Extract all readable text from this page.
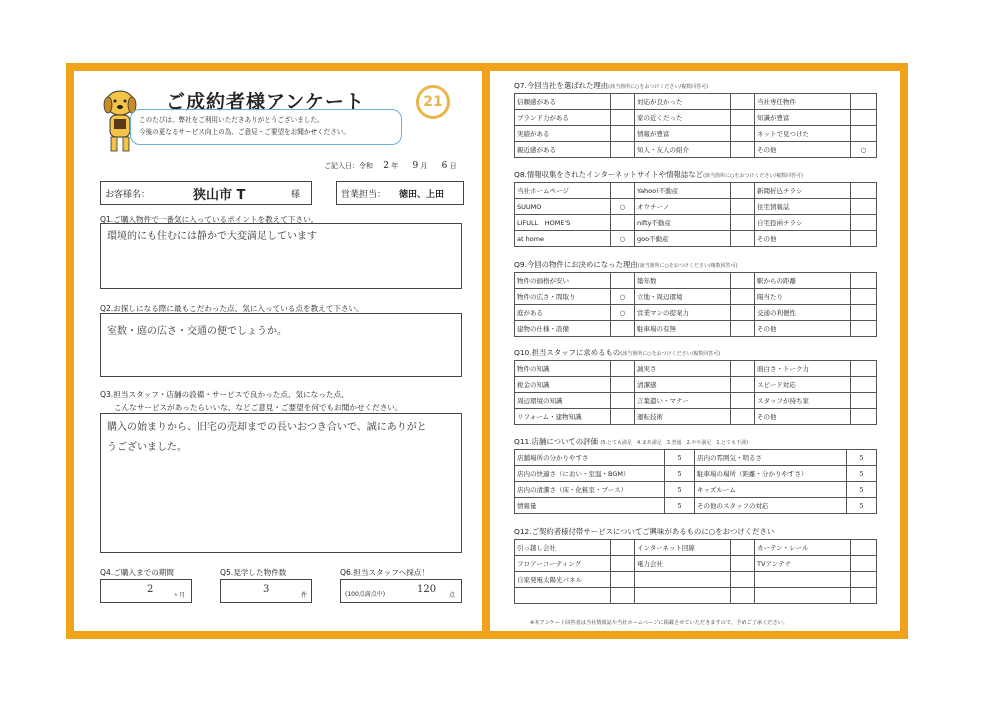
ご成約者様アンケート
このたびは、弊社をご利用いただきありがとうございました。
今後の更なるサービス向上の為、ご意見・ご要望をお聞かせください。
21
ご記入日：令和 2 年 9 月 6 日
お客様名：	狭山市 T	様	営業担当： 徳田、上田
Q1.ご購入物件で一番気に入っているポイントを教えて下さい。
環境的にも住むには静かで大変満足しています
Q2.お探しになる際に最もこだわった点、気に入っている点を教えて下さい。
室数・庭の広さ・交通の便でしょうか。
Q3.担当スタッフ・店舗の設備・サービスで良かった点、気になった点、
こんなサービスがあったらいいな、などご意見・ご要望を何でもお聞かせください。
購入の始まりから、旧宅の売却までの長いおつき合いで、誠にありがとうございました。
Q4.ご購入までの期間
2
ヶ月
Q5.見学した物件数
3
件
Q6.担当スタッフへ採点！
(100点満点中)	120
点
Q7.今回当社を選ばれた理由(該当箇所に○をおつけください/複数回答可)
信頼感がある		対応が良かった		当社専任物件	
ブランド力がある		家の近くだった		知識が豊富	
実績がある		情報が豊富		ネットで見つけた	
親近感がある		知人・友人の紹介		その他	○
Q8.情報収集をされたインターネットサイトや情報誌など(該当箇所に○をおつけください/複数回答可)
当社ホームページ		Yahoo!不動産		新聞折込チラシ	
SUUMO	○	オウチーノ		住宅情報誌	
LIFULL　HOME'S		nifty不動産		自宅投函チラシ	
at home	○	goo不動産		その他	
Q9.今回の物件にお決めになった理由(該当箇所に○をおつけください/複数回答可)
物件の価格が安い		築年数		駅からの距離	
物件の広さ・間取り	○	立地・周辺環境		陽当たり	
庭がある	○	営業マンの提案力		交通の利便性	
建物の仕様・設備		駐車場の有無		その他	
Q10.担当スタッフに求めるもの(該当箇所に○をおつけください/複数回答可)
物件の知識		誠実さ		面白さ・トーク力	
税金の知識		清潔感		スピード対応	
周辺環境の知識		言葉遣い・マナー		スタッフが持ち家	
リフォーム・建物知識		運転技術		その他	
Q11.店舗についての評価 (5.とても満足　4.まあ満足　3.普通　2.やや満足　1.とても不満)
店舗場所の分かりやすさ	5	店内の雰囲気・明るさ	5
店内の快適さ（におい・室温・BGM）	5	駐車場の場所（距離・分かりやすさ）	5
店内の清潔さ（床・化粧室・ブース）	5	キッズルーム	5
情報量	5	その他のスタッフの対応	5
Q12.ご契約者様付帯サービスについてご興味があるものに○をおつけください
引っ越し会社		インターネット回線		カーテン・レール	
フロアーコーティング		電力会社		TVアンテナ	
自家発電太陽光パネル					

※本アンケート回答者は当社情報誌や当社ホームページに掲載させていただきますので、予めご了承ください。
